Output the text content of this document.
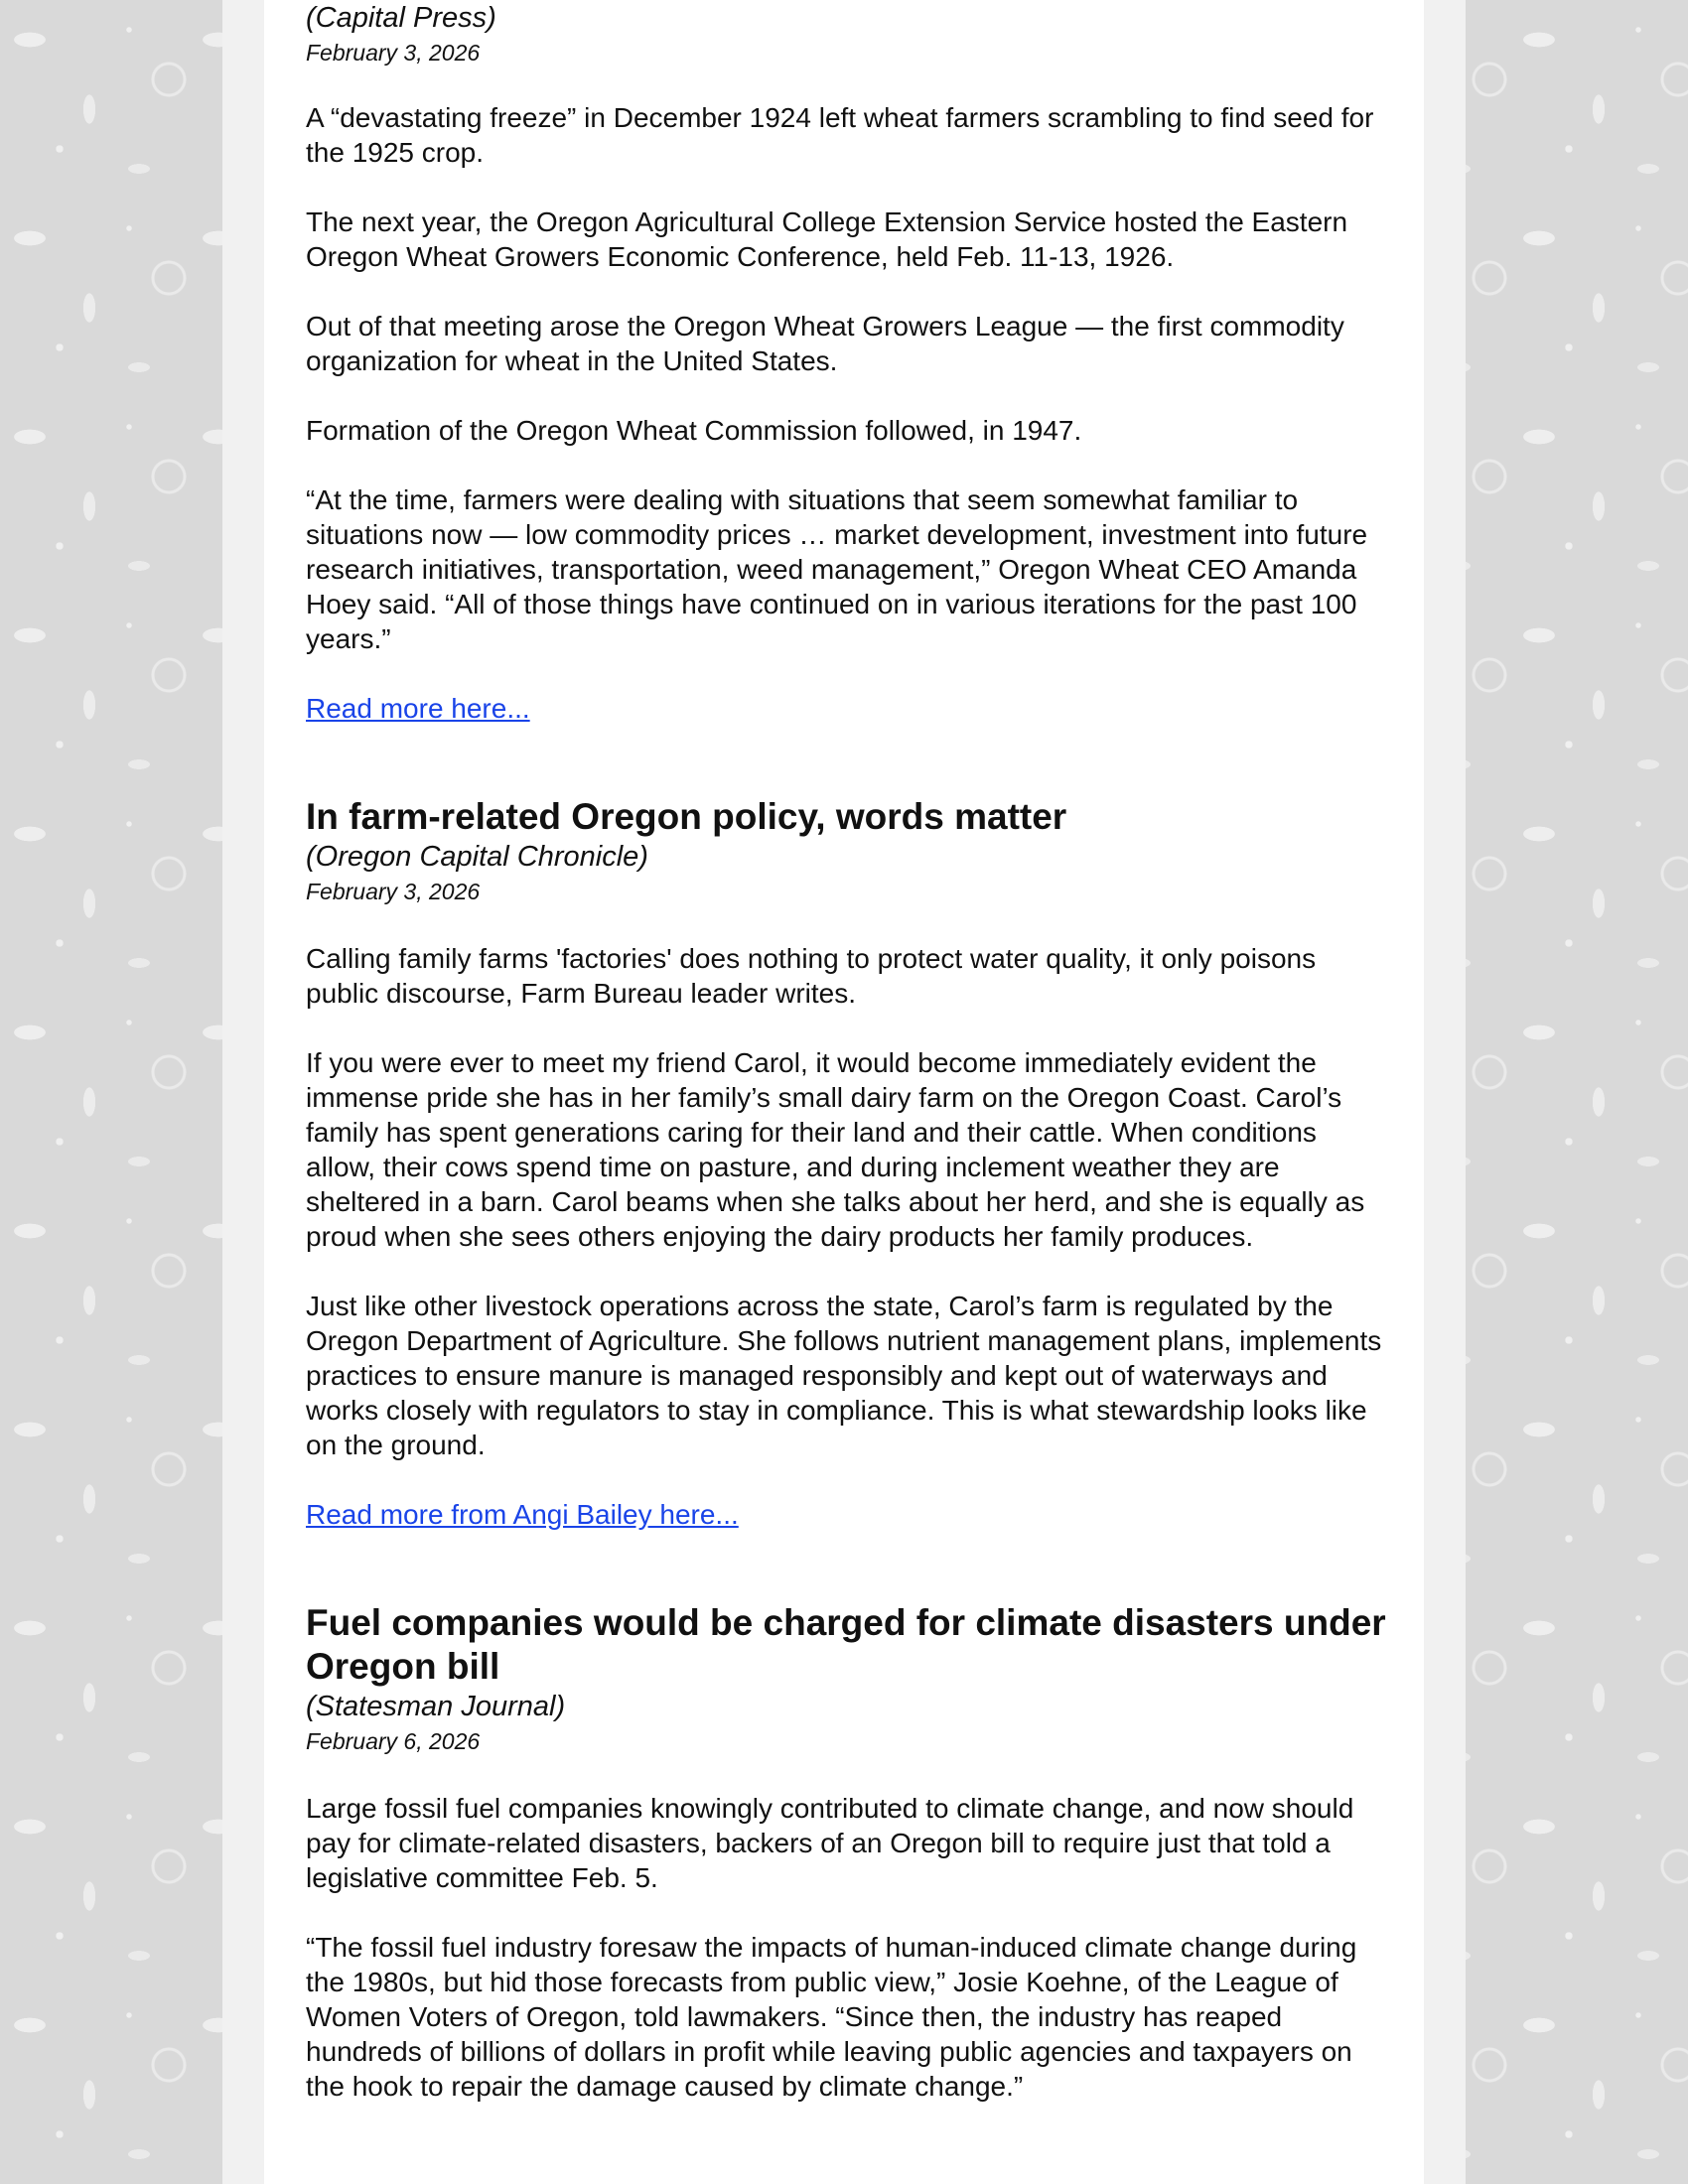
(Capital Press)

February 3, 2026

A “devastating freeze” in December 1924 left wheat farmers scrambling to find seed for the 1925 crop.

The next year, the Oregon Agricultural College Extension Service hosted the Eastern Oregon Wheat Growers Economic Conference, held Feb. 11-13, 1926.

Out of that meeting arose the Oregon Wheat Growers League — the first commodity organization for wheat in the United States.

Formation of the Oregon Wheat Commission followed, in 1947.

“At the time, farmers were dealing with situations that seem somewhat familiar to situations now — low commodity prices … market development, investment into future research initiatives, transportation, weed management,” Oregon Wheat CEO Amanda Hoey said. “All of those things have continued on in various iterations for the past 100 years.”

Read more here...
In farm-related Oregon policy, words matter

(Oregon Capital Chronicle)

February 3, 2026

Calling family farms 'factories' does nothing to protect water quality, it only poisons public discourse, Farm Bureau leader writes.

If you were ever to meet my friend Carol, it would become immediately evident the immense pride she has in her family’s small dairy farm on the Oregon Coast. Carol’s family has spent generations caring for their land and their cattle. When conditions allow, their cows spend time on pasture, and during inclement weather they are sheltered in a barn. Carol beams when she talks about her herd, and she is equally as proud when she sees others enjoying the dairy products her family produces.

Just like other livestock operations across the state, Carol’s farm is regulated by the Oregon Department of Agriculture. She follows nutrient management plans, implements practices to ensure manure is managed responsibly and kept out of waterways and works closely with regulators to stay in compliance. This is what stewardship looks like on the ground.

Read more from Angi Bailey here...
Fuel companies would be charged for climate disasters under Oregon bill

(Statesman Journal)

February 6, 2026

Large fossil fuel companies knowingly contributed to climate change, and now should pay for climate-related disasters, backers of an Oregon bill to require just that told a legislative committee Feb. 5.

“The fossil fuel industry foresaw the impacts of human-induced climate change during the 1980s, but hid those forecasts from public view,” Josie Koehne, of the League of Women Voters of Oregon, told lawmakers. “Since then, the industry has reaped hundreds of billions of dollars in profit while leaving public agencies and taxpayers on the hook to repair the damage caused by climate change.”
